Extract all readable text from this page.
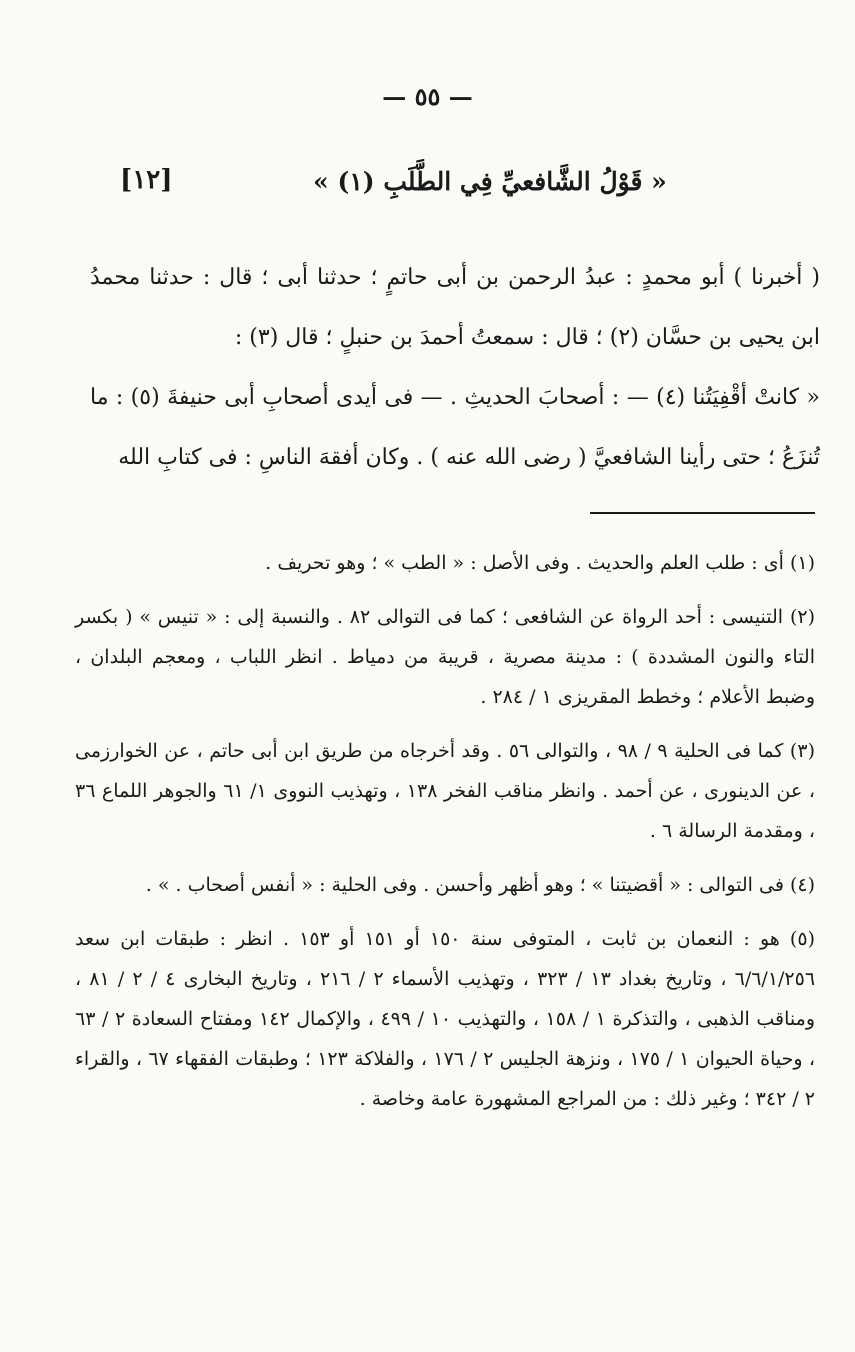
— ٥٥ —
[١٢]	« قَوْلُ الشَّافعيِّ فِي الطَّلَبِ (١) »

( أخبرنا ) أبو محمدٍ : عبدُ الرحمن بن أبى حاتمٍ ؛ حدثنا أبى ؛ قال : حدثنا محمدُ ابن يحيى بن حسَّان (٢) ؛ قال : سمعتُ أحمدَ بن حنبلٍ ؛ قال (٣) :

« كانتْ أقْفِيَتُنا (٤) — : أصحابَ الحديثِ . — فى أيدى أصحابِ أبى حنيفةَ (٥) : ما تُنزَعُ ؛ حتى رأينا الشافعيَّ ( رضى الله عنه ) . وكان أفقهَ الناسِ : فى كتابِ الله

(١) أى : طلب العلم والحديث . وفى الأصل : « الطب » ؛ وهو تحريف .

(٢) التنيسى : أحد الرواة عن الشافعى ؛ كما فى التوالى ٨٢ . والنسبة إلى : « تنيس » ( بكسر التاء والنون المشددة ) : مدينة مصرية ، قريبة من دمياط . انظر اللباب ، ومعجم البلدان ، وضبط الأعلام ؛ وخطط المقريزى ١ / ٢٨٤ .

(٣) كما فى الحلية ٩ / ٩٨ ، والتوالى ٥٦ . وقد أخرجاه من طريق ابن أبى حاتم ، عن الخوارزمى ، عن الدينورى ، عن أحمد . وانظر مناقب الفخر ١٣٨ ، وتهذيب النووى ١/ ٦١ والجوهر اللماع ٣٦ ، ومقدمة الرسالة ٦ .

(٤) فى التوالى : « أقضيتنا » ؛ وهو أظهر وأحسن . وفى الحلية : « أنفس أصحاب . » .

(٥) هو : النعمان بن ثابت ، المتوفى سنة ١٥٠ أو ١٥١ أو ١٥٣ . انظر : طبقات ابن سعد ٦/٦/١/٢٥٦ ، وتاريخ بغداد ١٣ / ٣٢٣ ، وتهذيب الأسماء ٢ / ٢١٦ ، وتاريخ البخارى ٤ / ٢ / ٨١ ، ومناقب الذهبى ، والتذكرة ١ / ١٥٨ ، والتهذيب ١٠ / ٤٩٩ ، والإكمال ١٤٢ ومفتاح السعادة ٢ / ٦٣ ، وحياة الحيوان ١ / ١٧٥ ، ونزهة الجليس ٢ / ١٧٦ ، والفلاكة ١٢٣ ؛ وطبقات الفقهاء ٦٧ ، والقراء ٢ / ٣٤٢ ؛ وغير ذلك : من المراجع المشهورة عامة وخاصة .
